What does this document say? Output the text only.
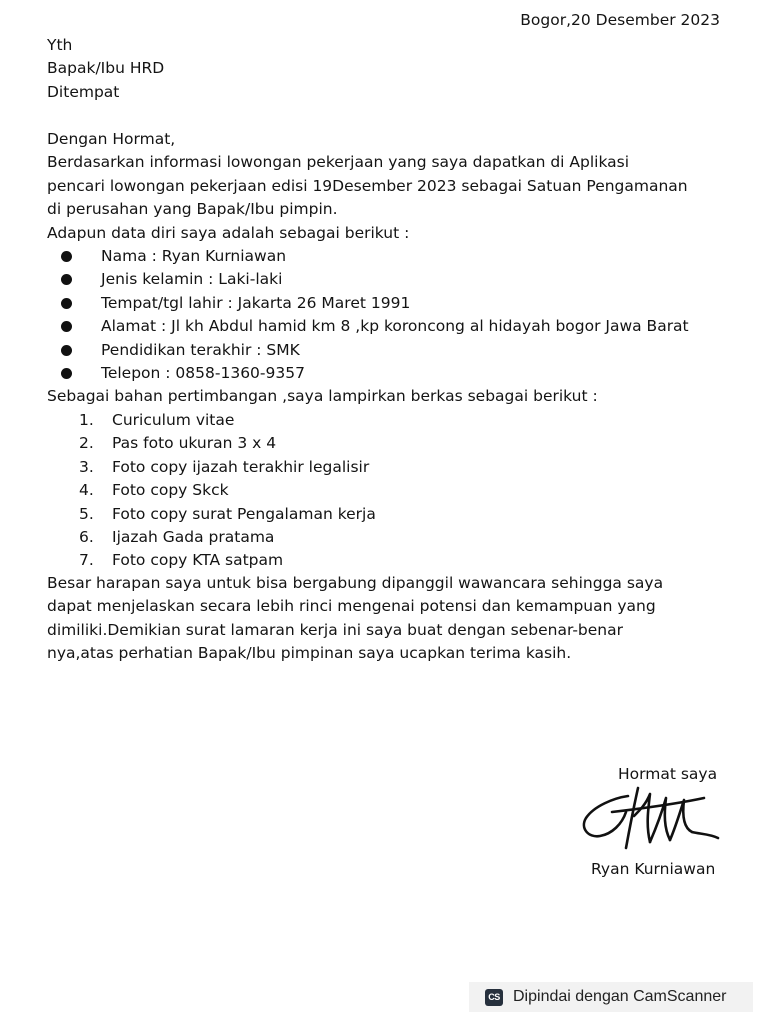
Bogor,20 Desember 2023
Yth
Bapak/Ibu HRD
Ditempat
Dengan Hormat,
Berdasarkan informasi lowongan pekerjaan yang saya dapatkan di Aplikasi
pencari lowongan pekerjaan edisi 19Desember 2023 sebagai Satuan Pengamanan
di perusahan yang Bapak/Ibu pimpin.
Adapun data diri saya adalah sebagai berikut :
Nama : Ryan Kurniawan
Jenis kelamin : Laki-laki
Tempat/tgl lahir : Jakarta 26 Maret 1991
Alamat : Jl kh Abdul hamid km 8 ,kp koroncong al hidayah bogor Jawa Barat
Pendidikan terakhir : SMK
Telepon : 0858-1360-9357
Sebagai bahan pertimbangan ,saya lampirkan berkas sebagai berikut :
1. Curiculum vitae
2. Pas foto ukuran 3 x 4
3. Foto copy ijazah terakhir legalisir
4. Foto copy Skck
5. Foto copy surat Pengalaman kerja
6. Ijazah Gada pratama
7. Foto copy KTA satpam
Besar harapan saya untuk bisa bergabung dipanggil wawancara sehingga saya
dapat menjelaskan secara lebih rinci mengenai potensi dan kemampuan yang
dimiliki.Demikian surat lamaran kerja ini saya buat dengan sebenar-benar
nya,atas perhatian Bapak/Ibu pimpinan saya ucapkan terima kasih.
Hormat saya
Ryan Kurniawan
CS Dipindai dengan CamScanner
